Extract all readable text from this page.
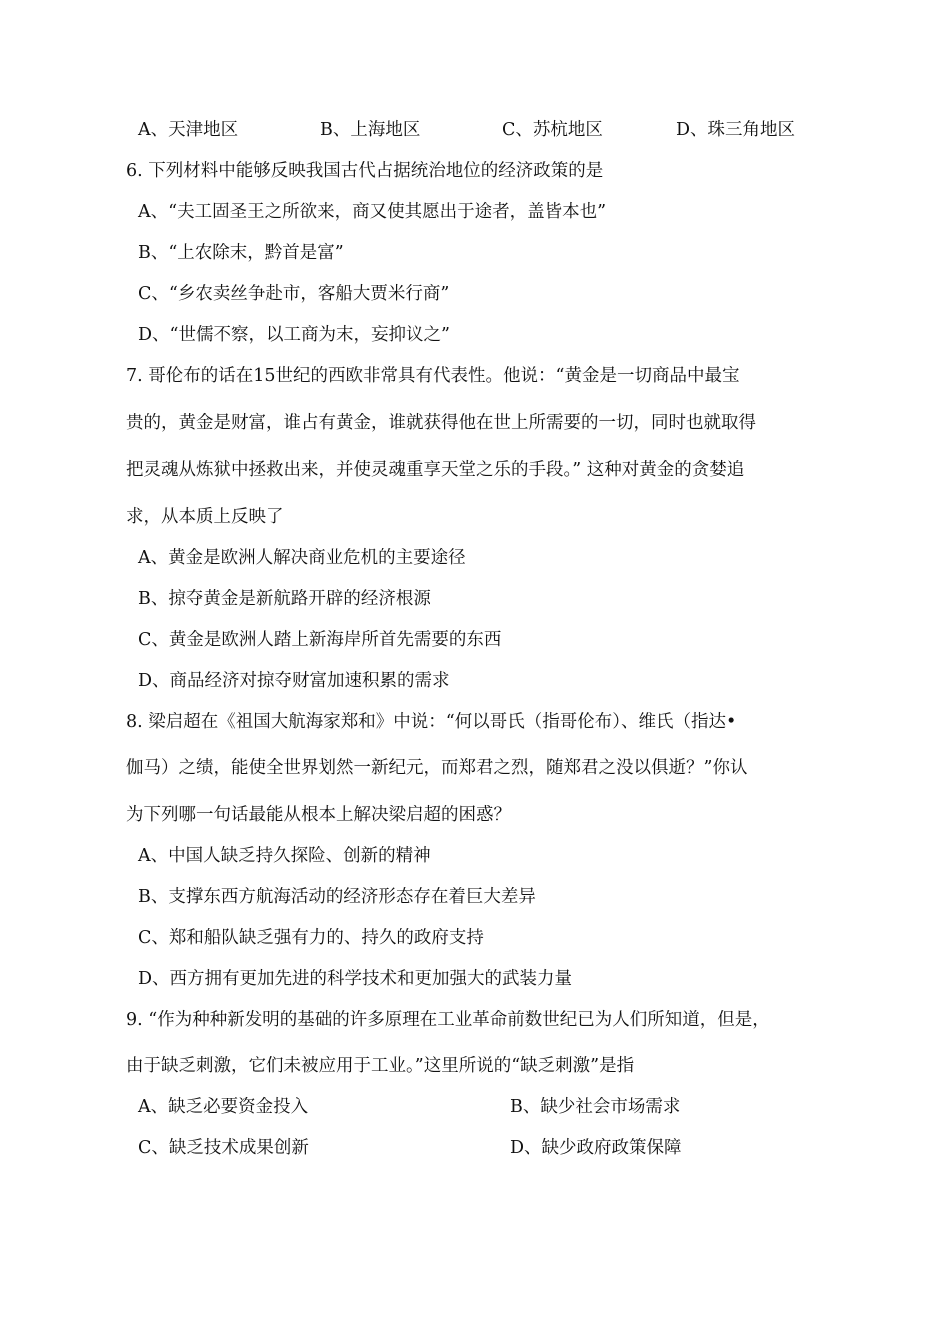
A、天津地区	B、上海地区	C、苏杭地区	D、珠三角地区
6. 下列材料中能够反映我国古代占据统治地位的经济政策的是
A、“夫工固圣王之所欲来，商又使其愿出于途者，盖皆本也”
B、“上农除末，黔首是富”
C、“乡农卖丝争赴市，客船大贾米行商”
D、“世儒不察，以工商为末，妄抑议之”
7. 哥伦布的话在15世纪的西欧非常具有代表性。他说：“黄金是一切商品中最宝
贵的，黄金是财富，谁占有黄金，谁就获得他在世上所需要的一切，同时也就取得
把灵魂从炼狱中拯救出来，并使灵魂重享天堂之乐的手段。” 这种对黄金的贪婪追
求，从本质上反映了
A、黄金是欧洲人解决商业危机的主要途径
B、掠夺黄金是新航路开辟的经济根源
C、黄金是欧洲人踏上新海岸所首先需要的东西
D、商品经济对掠夺财富加速积累的需求
8. 梁启超在《祖国大航海家郑和》中说：“何以哥氏（指哥伦布）、维氏（指达•
伽马）之绩，能使全世界划然一新纪元，而郑君之烈，随郑君之没以俱逝？”你认
为下列哪一句话最能从根本上解决梁启超的困惑？
A、中国人缺乏持久探险、创新的精神
B、支撑东西方航海活动的经济形态存在着巨大差异
C、郑和船队缺乏强有力的、持久的政府支持
D、西方拥有更加先进的科学技术和更加强大的武装力量
9. “作为种种新发明的基础的许多原理在工业革命前数世纪已为人们所知道，但是，
由于缺乏刺激，它们未被应用于工业。”这里所说的“缺乏刺激”是指
A、缺乏必要资金投入	B、缺少社会市场需求
C、缺乏技术成果创新	D、缺少政府政策保障
